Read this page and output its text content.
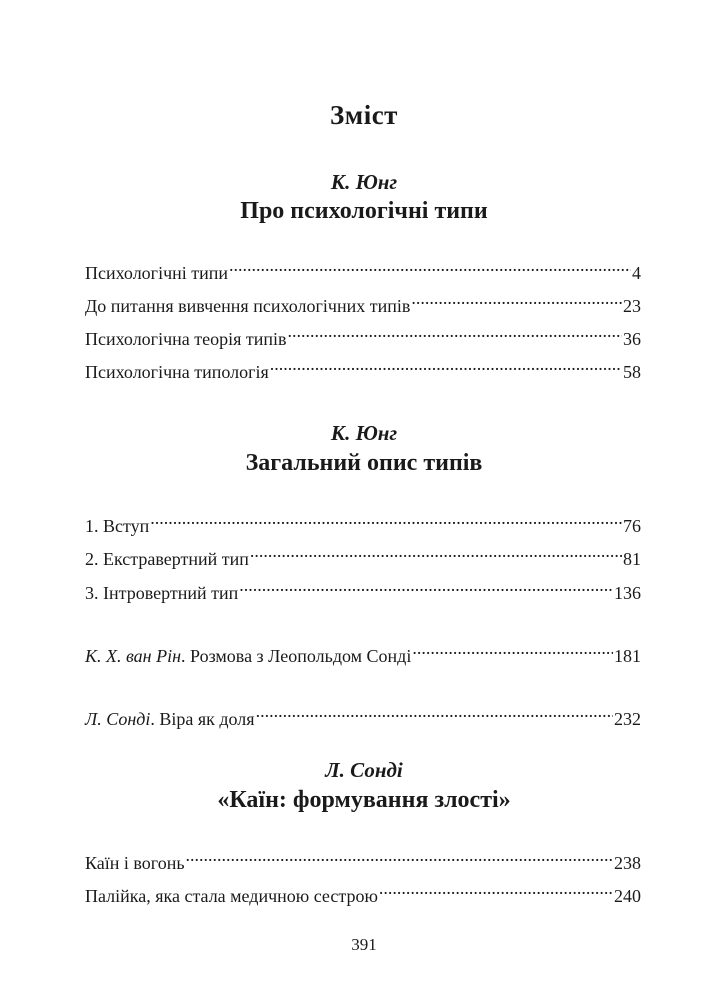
Зміст
К. Юнг
Про психологічні типи
Психологічні типи .....	4
До питання вивчення психологічних типів .....	23
Психологічна теорія типів .....	36
Психологічна типологія .....	58
К. Юнг
Загальний опис типів
1. Вступ .....	76
2. Екстравертний тип .....	81
3. Інтровертний тип .....	136
К. Х. ван Рін. Розмова з Леопольдом Сонді .....	181
Л. Сонді. Віра як доля .....	232
Л. Сонді
«Каїн: формування злості»
Каїн і вогонь .....	238
Палійка, яка стала медичною сестрою .....	240
391
